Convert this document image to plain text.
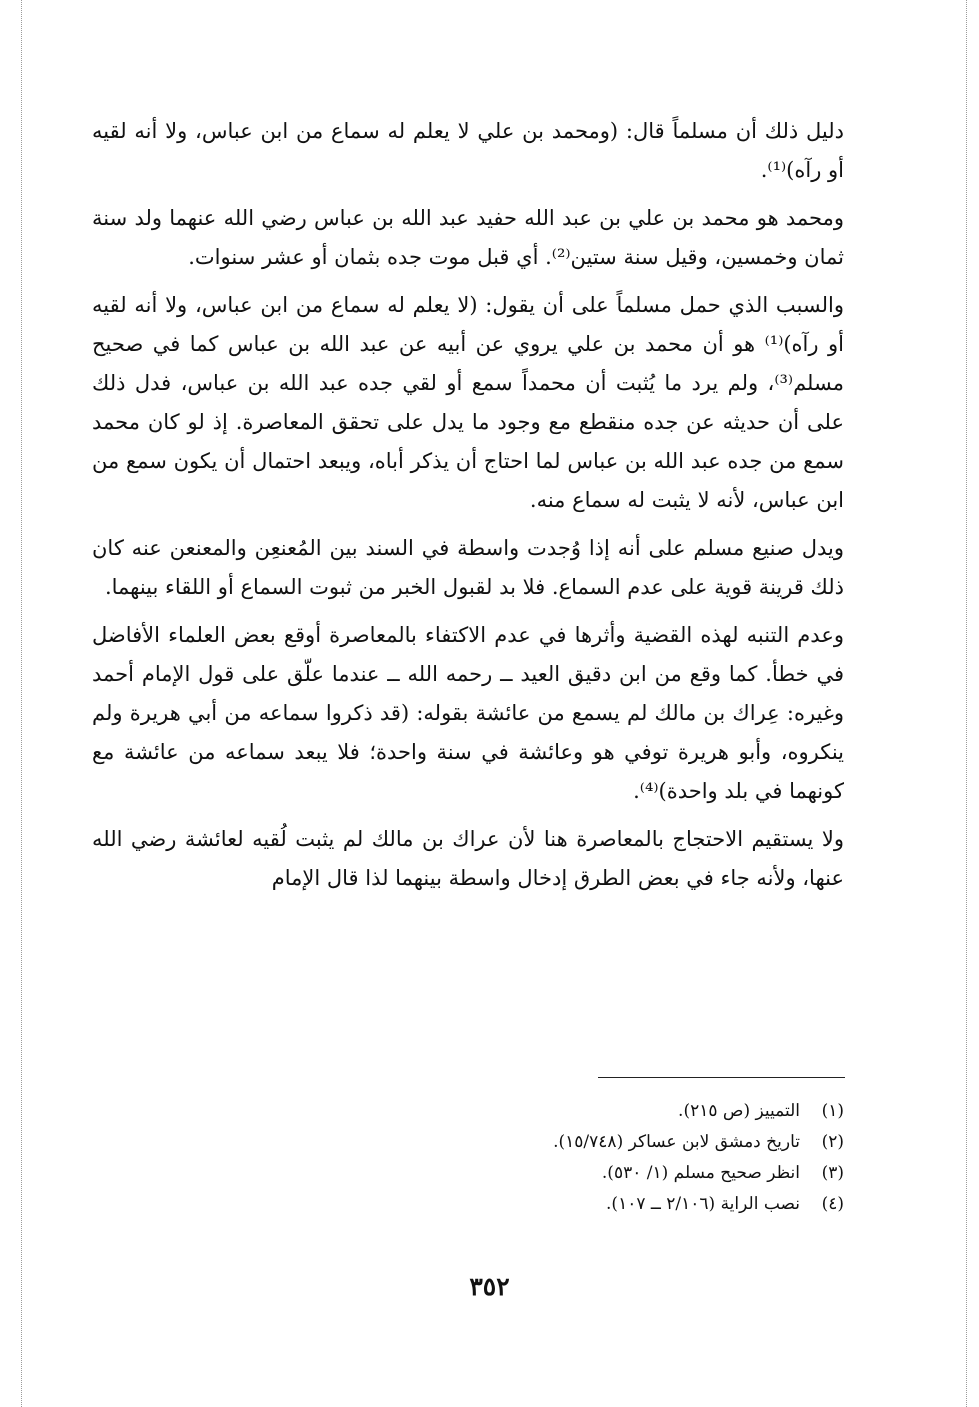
دليل ذلك أن مسلماً قال: (ومحمد بن علي لا يعلم له سماع من ابن عباس، ولا أنه لقيه أو رآه)⁽¹⁾.

ومحمد هو محمد بن علي بن عبد الله حفيد عبد الله بن عباس رضي الله عنهما ولد سنة ثمان وخمسين، وقيل سنة ستين⁽²⁾. أي قبل موت جده بثمان أو عشر سنوات.

والسبب الذي حمل مسلماً على أن يقول: (لا يعلم له سماع من ابن عباس، ولا أنه لقيه أو رآه)⁽¹⁾ هو أن محمد بن علي يروي عن أبيه عن عبد الله بن عباس كما في صحيح مسلم⁽³⁾، ولم يرد ما يُثبت أن محمداً سمع أو لقي جده عبد الله بن عباس، فدل ذلك على أن حديثه عن جده منقطع مع وجود ما يدل على تحقق المعاصرة. إذ لو كان محمد سمع من جده عبد الله بن عباس لما احتاج أن يذكر أباه، ويبعد احتمال أن يكون سمع من ابن عباس، لأنه لا يثبت له سماع منه.

ويدل صنيع مسلم على أنه إذا وُجدت واسطة في السند بين المُعنعِن والمعنعن عنه كان ذلك قرينة قوية على عدم السماع. فلا بد لقبول الخبر من ثبوت السماع أو اللقاء بينهما.

وعدم التنبه لهذه القضية وأثرها في عدم الاكتفاء بالمعاصرة أوقع بعض العلماء الأفاضل في خطأ. كما وقع من ابن دقيق العيد ــ رحمه الله ــ عندما علّق على قول الإمام أحمد وغيره: عِراك بن مالك لم يسمع من عائشة بقوله: (قد ذكروا سماعه من أبي هريرة ولم ينكروه، وأبو هريرة توفي هو وعائشة في سنة واحدة؛ فلا يبعد سماعه من عائشة مع كونهما في بلد واحدة)⁽⁴⁾.

ولا يستقيم الاحتجاج بالمعاصرة هنا لأن عراك بن مالك لم يثبت لُقيه لعائشة رضي الله عنها، ولأنه جاء في بعض الطرق إدخال واسطة بينهما لذا قال الإمام

(١)التمييز (ص ٢١٥).

(٢)تاريخ دمشق لابن عساكر (١٥/٧٤٨).

(٣)انظر صحيح مسلم (١/ ٥٣٠).

(٤)نصب الراية (٢/١٠٦ ــ ١٠٧).

٣٥٢
